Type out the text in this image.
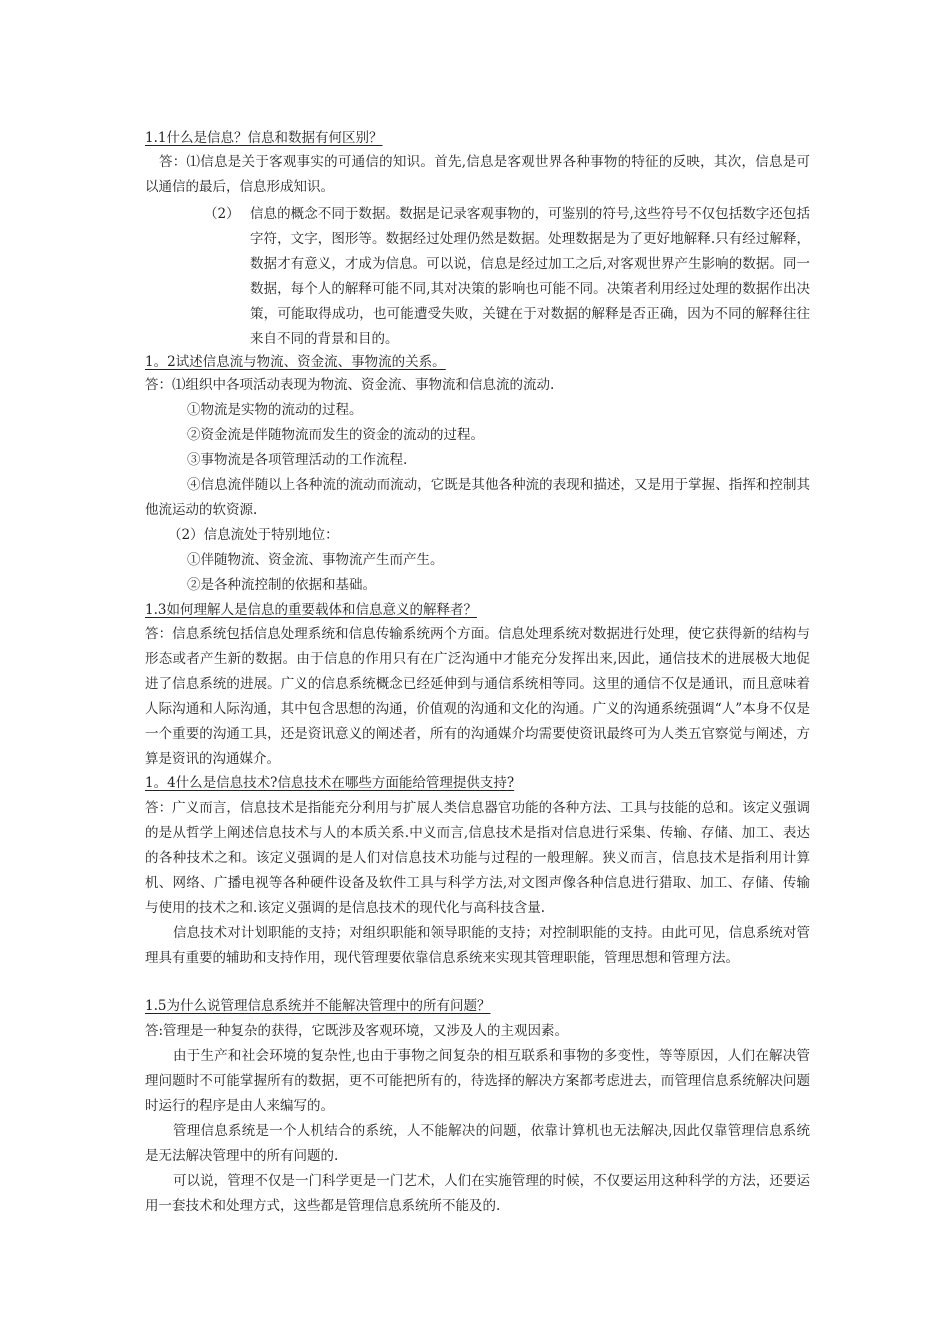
1.1什么是信息？信息和数据有何区别？

答：⑴信息是关于客观事实的可通信的知识。首先,信息是客观世界各种事物的特征的反映，其次，信息是可以通信的最后，信息形成知识。

（2） 信息的概念不同于数据。数据是记录客观事物的，可鉴别的符号,这些符号不仅包括数字还包括字符，文字，图形等。数据经过处理仍然是数据。处理数据是为了更好地解释.只有经过解释，数据才有意义，才成为信息。可以说，信息是经过加工之后,对客观世界产生影响的数据。同一数据，每个人的解释可能不同,其对决策的影响也可能不同。决策者利用经过处理的数据作出决策，可能取得成功，也可能遭受失败，关键在于对数据的解释是否正确，因为不同的解释往往来自不同的背景和目的。

1。2试述信息流与物流、资金流、事物流的关系。
答：⑴组织中各项活动表现为物流、资金流、事物流和信息流的流动.
①物流是实物的流动的过程。
②资金流是伴随物流而发生的资金的流动的过程。
③事物流是各项管理活动的工作流程.

④信息流伴随以上各种流的流动而流动，它既是其他各种流的表现和描述，又是用于掌握、指挥和控制其他流运动的软资源.

（2）信息流处于特别地位：
①伴随物流、资金流、事物流产生而产生。
②是各种流控制的依据和基础。
1.3如何理解人是信息的重要载体和信息意义的解释者？

答：信息系统包括信息处理系统和信息传输系统两个方面。信息处理系统对数据进行处理，使它获得新的结构与形态或者产生新的数据。由于信息的作用只有在广泛沟通中才能充分发挥出来,因此，通信技术的进展极大地促进了信息系统的进展。广义的信息系统概念已经延伸到与通信系统相等同。这里的通信不仅是通讯，而且意味着人际沟通和人际沟通，其中包含思想的沟通，价值观的沟通和文化的沟通。广义的沟通系统强调“人”本身不仅是一个重要的沟通工具，还是资讯意义的阐述者，所有的沟通媒介均需要使资讯最终可为人类五官察觉与阐述，方算是资讯的沟通媒介。

1。4什么是信息技术?信息技术在哪些方面能给管理提供支持?

答：广义而言，信息技术是指能充分利用与扩展人类信息器官功能的各种方法、工具与技能的总和。该定义强调的是从哲学上阐述信息技术与人的本质关系.中义而言,信息技术是指对信息进行采集、传输、存储、加工、表达的各种技术之和。该定义强调的是人们对信息技术功能与过程的一般理解。狭义而言，信息技术是指利用计算机、网络、广播电视等各种硬件设备及软件工具与科学方法,对文图声像各种信息进行猎取、加工、存储、传输与使用的技术之和.该定义强调的是信息技术的现代化与高科技含量.

信息技术对计划职能的支持；对组织职能和领导职能的支持；对控制职能的支持。由此可见，信息系统对管理具有重要的辅助和支持作用，现代管理要依靠信息系统来实现其管理职能，管理思想和管理方法。

1.5为什么说管理信息系统并不能解决管理中的所有问题？
答:管理是一种复杂的获得，它既涉及客观环境，又涉及人的主观因素。

由于生产和社会环境的复杂性,也由于事物之间复杂的相互联系和事物的多变性，等等原因，人们在解决管理问题时不可能掌握所有的数据，更不可能把所有的，待选择的解决方案都考虑进去，而管理信息系统解决问题时运行的程序是由人来编写的。

管理信息系统是一个人机结合的系统，人不能解决的问题，依靠计算机也无法解决,因此仅靠管理信息系统是无法解决管理中的所有问题的.

可以说，管理不仅是一门科学更是一门艺术，人们在实施管理的时候，不仅要运用这种科学的方法，还要运用一套技术和处理方式，这些都是管理信息系统所不能及的.
